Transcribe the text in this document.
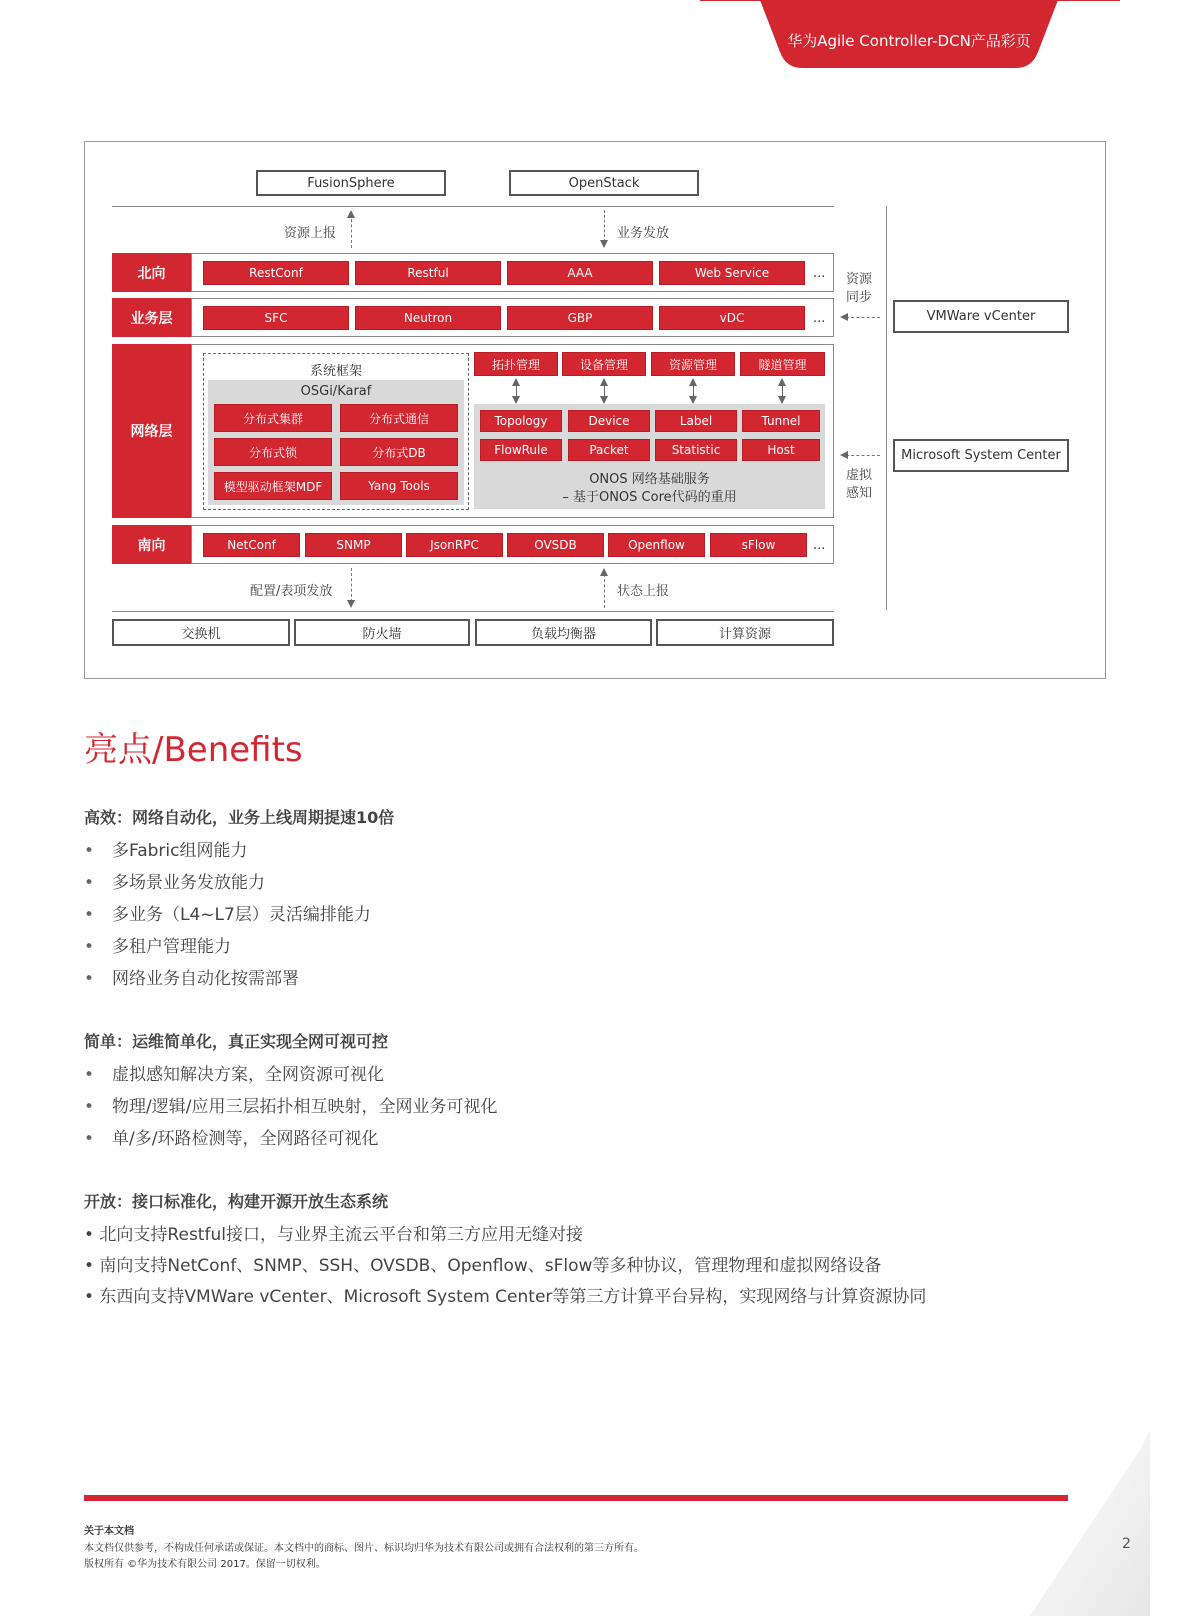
华为Agile Controller-DCN产品彩页
FusionSphere	OpenStack
资源上报	业务发放
北向	RestConf	Restful	AAA	Web Service	...
业务层	SFC	Neutron	GBP	vDC	...
网络层
系统框架
OSGi/Karaf
分布式集群	分布式通信
分布式锁	分布式DB
模型驱动框架MDF	Yang Tools
拓扑管理	设备管理	资源管理	隧道管理
Topology	Device	Label	Tunnel
FlowRule	Packet	Statistic	Host
ONOS 网络基础服务
– 基于ONOS Core代码的重用
南向	NetConf	SNMP	JsonRPC	OVSDB	Openflow	sFlow	...
配置/表项发放	状态上报
交换机	防火墙	负载均衡器	计算资源
资源
同步
VMWare vCenter
Microsoft System Center
虚拟
感知
亮点/Benefits
高效：网络自动化，业务上线周期提速10倍
• 多Fabric组网能力
• 多场景业务发放能力
• 多业务（L4~L7层）灵活编排能力
• 多租户管理能力
• 网络业务自动化按需部署
简单：运维简单化，真正实现全网可视可控
• 虚拟感知解决方案，全网资源可视化
• 物理/逻辑/应用三层拓扑相互映射，全网业务可视化
• 单/多/环路检测等，全网路径可视化
开放：接口标准化，构建开源开放生态系统
• 北向支持Restful接口，与业界主流云平台和第三方应用无缝对接
• 南向支持NetConf、SNMP、SSH、OVSDB、Openflow、sFlow等多种协议，管理物理和虚拟网络设备
• 东西向支持VMWare vCenter、Microsoft System Center等第三方计算平台异构，实现网络与计算资源协同
关于本文档
本文档仅供参考，不构成任何承诺或保证。本文档中的商标、图片、标识均归华为技术有限公司或拥有合法权利的第三方所有。
版权所有 ©华为技术有限公司 2017。保留一切权利。
2
